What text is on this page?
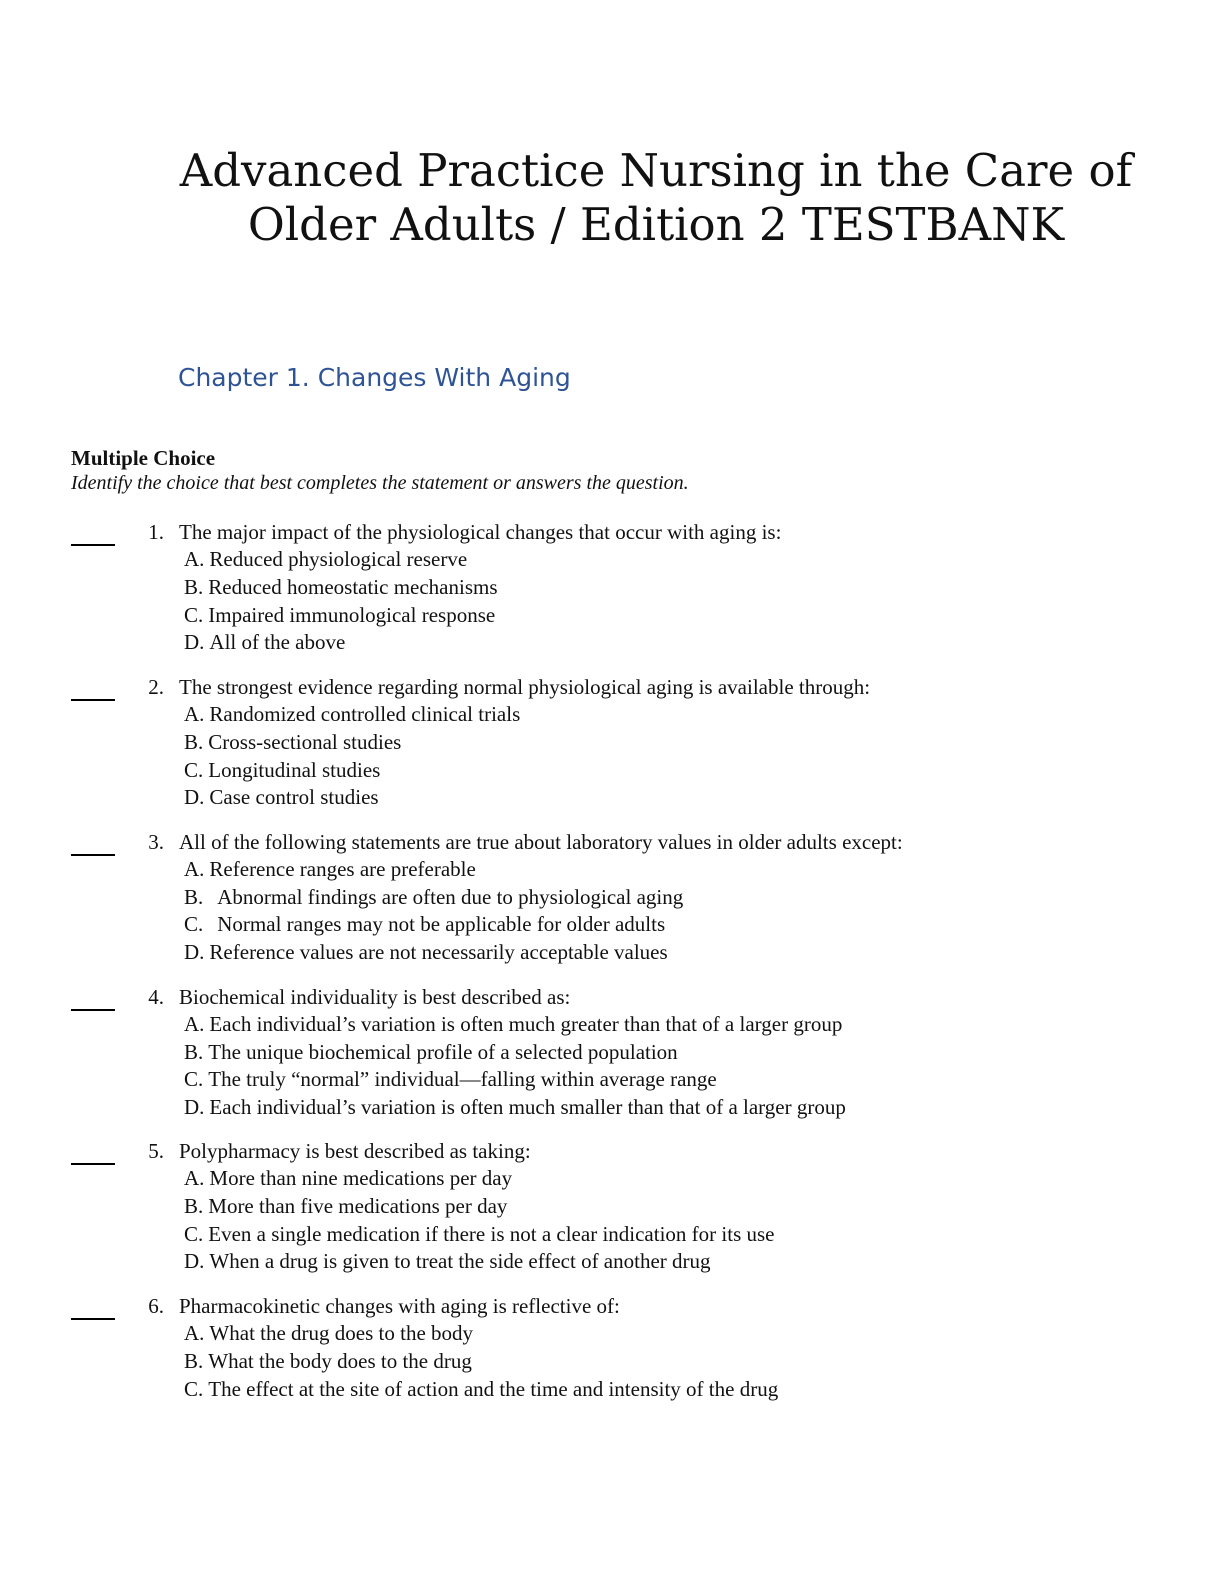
Advanced Practice Nursing in the Care of
Older Adults / Edition 2 TESTBANK
Chapter 1. Changes With Aging
Multiple Choice

Identify the choice that best completes the statement or answers the question.

1. The major impact of the physiological changes that occur with aging is:
A. Reduced physiological reserve
B. Reduced homeostatic mechanisms
C. Impaired immunological response
D. All of the above
2. The strongest evidence regarding normal physiological aging is available through:
A. Randomized controlled clinical trials
B. Cross-sectional studies
C. Longitudinal studies
D. Case control studies
3. All of the following statements are true about laboratory values in older adults except:
A. Reference ranges are preferable
B. Abnormal findings are often due to physiological aging
C. Normal ranges may not be applicable for older adults
D. Reference values are not necessarily acceptable values
4. Biochemical individuality is best described as:
A. Each individual’s variation is often much greater than that of a larger group
B. The unique biochemical profile of a selected population
C. The truly “normal” individual—falling within average range
D. Each individual’s variation is often much smaller than that of a larger group
5. Polypharmacy is best described as taking:
A. More than nine medications per day
B. More than five medications per day
C. Even a single medication if there is not a clear indication for its use
D. When a drug is given to treat the side effect of another drug
6. Pharmacokinetic changes with aging is reflective of:
A. What the drug does to the body
B. What the body does to the drug
C. The effect at the site of action and the time and intensity of the drug
